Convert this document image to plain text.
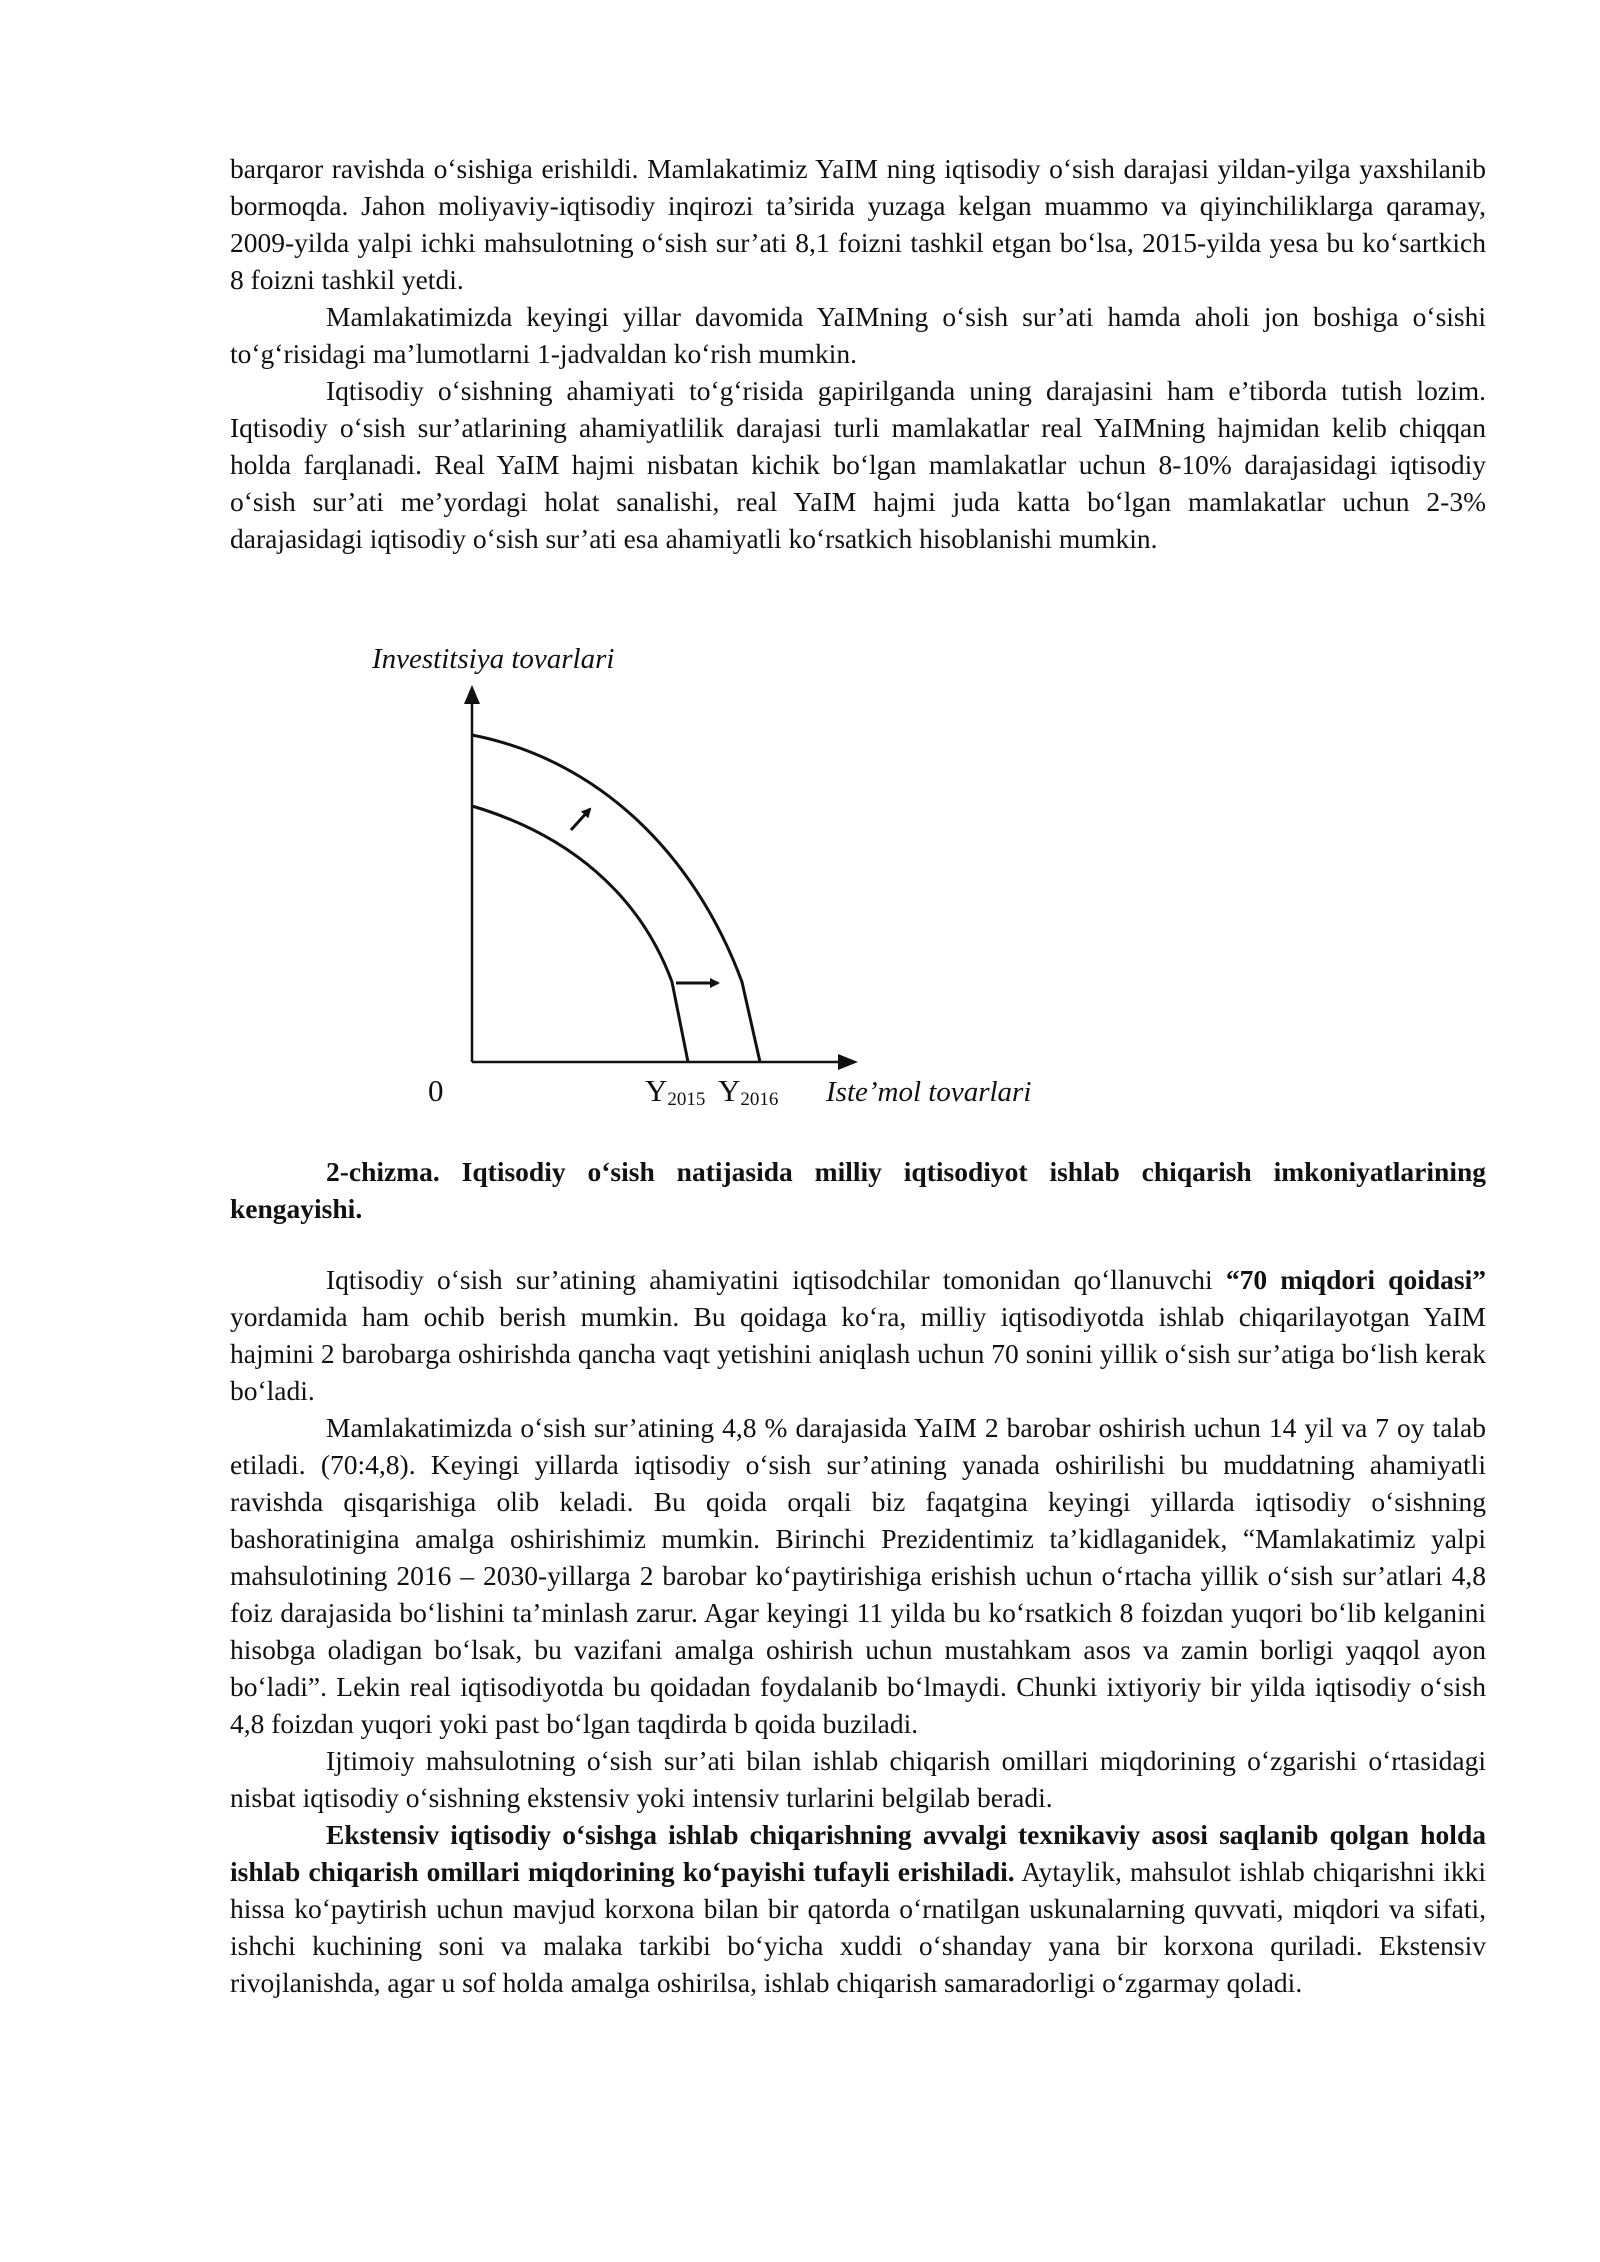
barqaror ravishda o‘sishiga erishildi. Mamlakatimiz YaIM ning iqtisodiy o‘sish darajasi yildan-yilga yaxshilanib bormoqda. Jahon moliyaviy-iqtisodiy inqirozi ta’sirida yuzaga kelgan muammo va qiyinchiliklarga qaramay, 2009-yilda yalpi ichki mahsulotning o‘sish sur’ati 8,1 foizni tashkil etgan bo‘lsa, 2015-yilda yesa bu ko‘sartkich 8 foizni tashkil yetdi.

Mamlakatimizda keyingi yillar davomida YaIMning o‘sish sur’ati hamda aholi jon boshiga o‘sishi to‘g‘risidagi ma’lumotlarni 1-jadvaldan ko‘rish mumkin.

Iqtisodiy o‘sishning ahamiyati to‘g‘risida gapirilganda uning darajasini ham e’tiborda tutish lozim. Iqtisodiy o‘sish sur’atlarining ahamiyatlilik darajasi turli mamlakatlar real YaIMning hajmidan kelib chiqqan holda farqlanadi. Real YaIM hajmi nisbatan kichik bo‘lgan mamlakatlar uchun 8-10% darajasidagi iqtisodiy o‘sish sur’ati me’yordagi holat sanalishi, real YaIM hajmi juda katta bo‘lgan mamlakatlar uchun 2-3% darajasidagi iqtisodiy o‘sish sur’ati esa ahamiyatli ko‘rsatkich hisoblanishi mumkin.

Investitsiya tovarlari
0	$Y_{2015}$ $Y_{2016}$ Iste’mol tovarlari
2-chizma. Iqtisodiy o‘sish natijasida milliy iqtisodiyot ishlab chiqarish imkoniyatlarining kengayishi.

Iqtisodiy o‘sish sur’atining ahamiyatini iqtisodchilar tomonidan qo‘llanuvchi “70 miqdori qoidasi” yordamida ham ochib berish mumkin. Bu qoidaga ko‘ra, milliy iqtisodiyotda ishlab chiqarilayotgan YaIM hajmini 2 barobarga oshirishda qancha vaqt yetishini aniqlash uchun 70 sonini yillik o‘sish sur’atiga bo‘lish kerak bo‘ladi.

Mamlakatimizda o‘sish sur’atining 4,8 % darajasida YaIM 2 barobar oshirish uchun 14 yil va 7 oy talab etiladi. (70:4,8). Keyingi yillarda iqtisodiy o‘sish sur’atining yanada oshirilishi bu muddatning ahamiyatli ravishda qisqarishiga olib keladi. Bu qoida orqali biz faqatgina keyingi yillarda iqtisodiy o‘sishning bashoratinigina amalga oshirishimiz mumkin. Birinchi Prezidentimiz ta’kidlaganidek, “Mamlakatimiz yalpi mahsulotining 2016 – 2030-yillarga 2 barobar ko‘paytirishiga erishish uchun o‘rtacha yillik o‘sish sur’atlari 4,8 foiz darajasida bo‘lishini ta’minlash zarur. Agar keyingi 11 yilda bu ko‘rsatkich 8 foizdan yuqori bo‘lib kelganini hisobga oladigan bo‘lsak, bu vazifani amalga oshirish uchun mustahkam asos va zamin borligi yaqqol ayon bo‘ladi”. Lekin real iqtisodiyotda bu qoidadan foydalanib bo‘lmaydi. Chunki ixtiyoriy bir yilda iqtisodiy o‘sish 4,8 foizdan yuqori yoki past bo‘lgan taqdirda b qoida buziladi.

Ijtimoiy mahsulotning o‘sish sur’ati bilan ishlab chiqarish omillari miqdorining o‘zgarishi o‘rtasidagi nisbat iqtisodiy o‘sishning ekstensiv yoki intensiv turlarini belgilab beradi.

Ekstensiv iqtisodiy o‘sishga ishlab chiqarishning avvalgi texnikaviy asosi saqlanib qolgan holda ishlab chiqarish omillari miqdorining ko‘payishi tufayli erishiladi. Aytaylik, mahsulot ishlab chiqarishni ikki hissa ko‘paytirish uchun mavjud korxona bilan bir qatorda o‘rnatilgan uskunalarning quvvati, miqdori va sifati, ishchi kuchining soni va malaka tarkibi bo‘yicha xuddi o‘shanday yana bir korxona quriladi. Ekstensiv rivojlanishda, agar u sof holda amalga oshirilsa, ishlab chiqarish samaradorligi o‘zgarmay qoladi.
